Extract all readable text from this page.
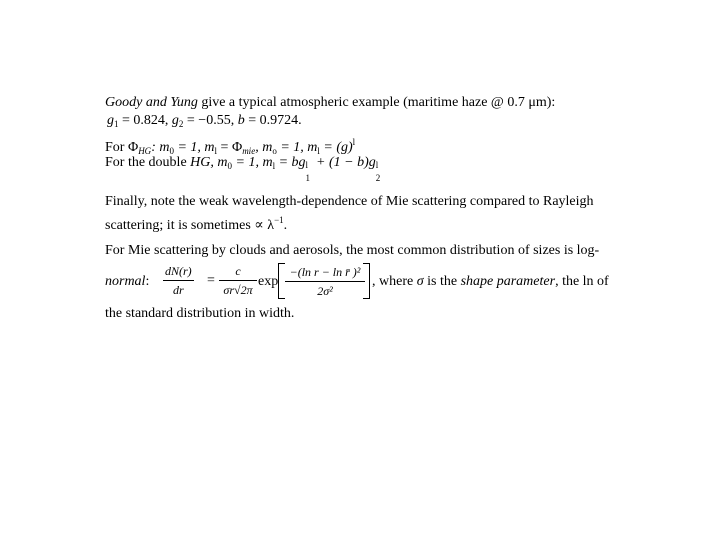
Goody and Yung give a typical atmospheric example (maritime haze @ 0.7 μm):
$g_1 = 0.824$, $g_2 = -0.55$, b = 0.9724.
For $\Phi_{HG}$: $m_0 = 1$, $m_l = \Phi_{mie}$, $m_o = 1$, $m_l = (g)^l$
For the double HG, $m_0 = 1$, $m_l$ = bg l
1
+ (1 − b)g l
2
Finally, note the weak wavelength-dependence of Mie scattering compared to Rayleigh
scattering; it is sometimes ∝ $\lambda^{-1}$.
For Mie scattering by clouds and aerosols, the most common distribution of sizes is log-
normal: $\frac{dN(r)}{dr} = \frac{c}{\sigma r√2\pi}$ $\exp \frac{\text{−(ln r − ln r̄ )²}}{\text{2σ²}}$ , where σ is the shape parameter, the ln of
the standard distribution in width.
